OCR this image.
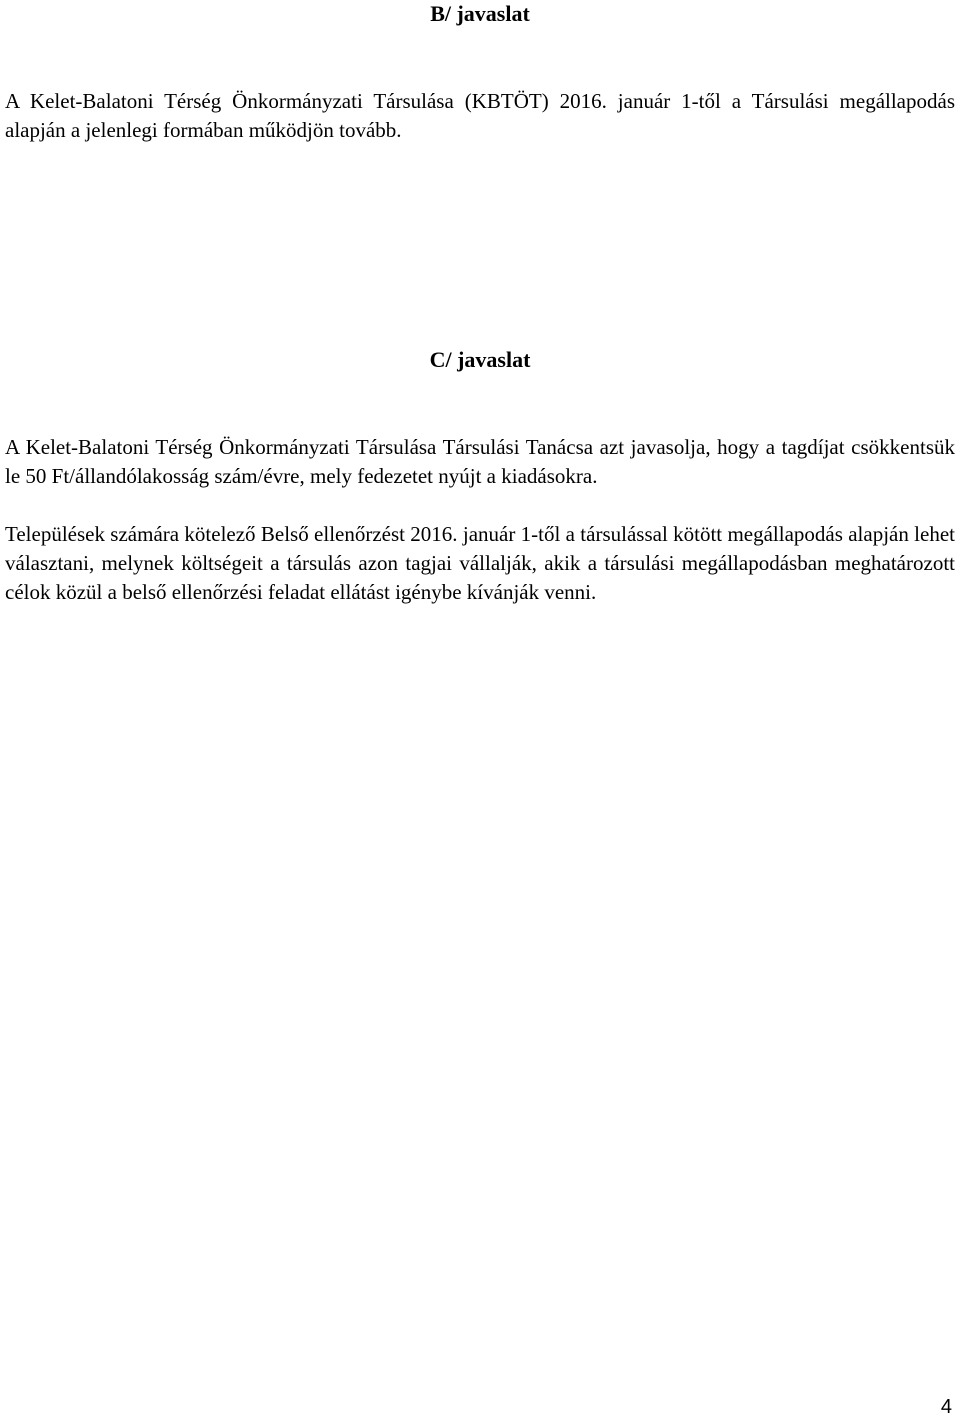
B/ javaslat

A Kelet-Balatoni Térség Önkormányzati Társulása (KBTÖT) 2016. január 1-től a Társulási megállapodás alapján a jelenlegi formában működjön tovább.

C/ javaslat

A Kelet-Balatoni Térség Önkormányzati Társulása Társulási Tanácsa azt javasolja, hogy a tagdíjat csökkentsük le 50 Ft/állandólakosság szám/évre, mely fedezetet nyújt a kiadásokra.

Települések számára kötelező Belső ellenőrzést 2016. január 1-től a társulással kötött megállapodás alapján lehet választani, melynek költségeit a társulás azon tagjai vállalják, akik a társulási megállapodásban meghatározott célok közül a belső ellenőrzési feladat ellátást igénybe kívánják venni.

4
